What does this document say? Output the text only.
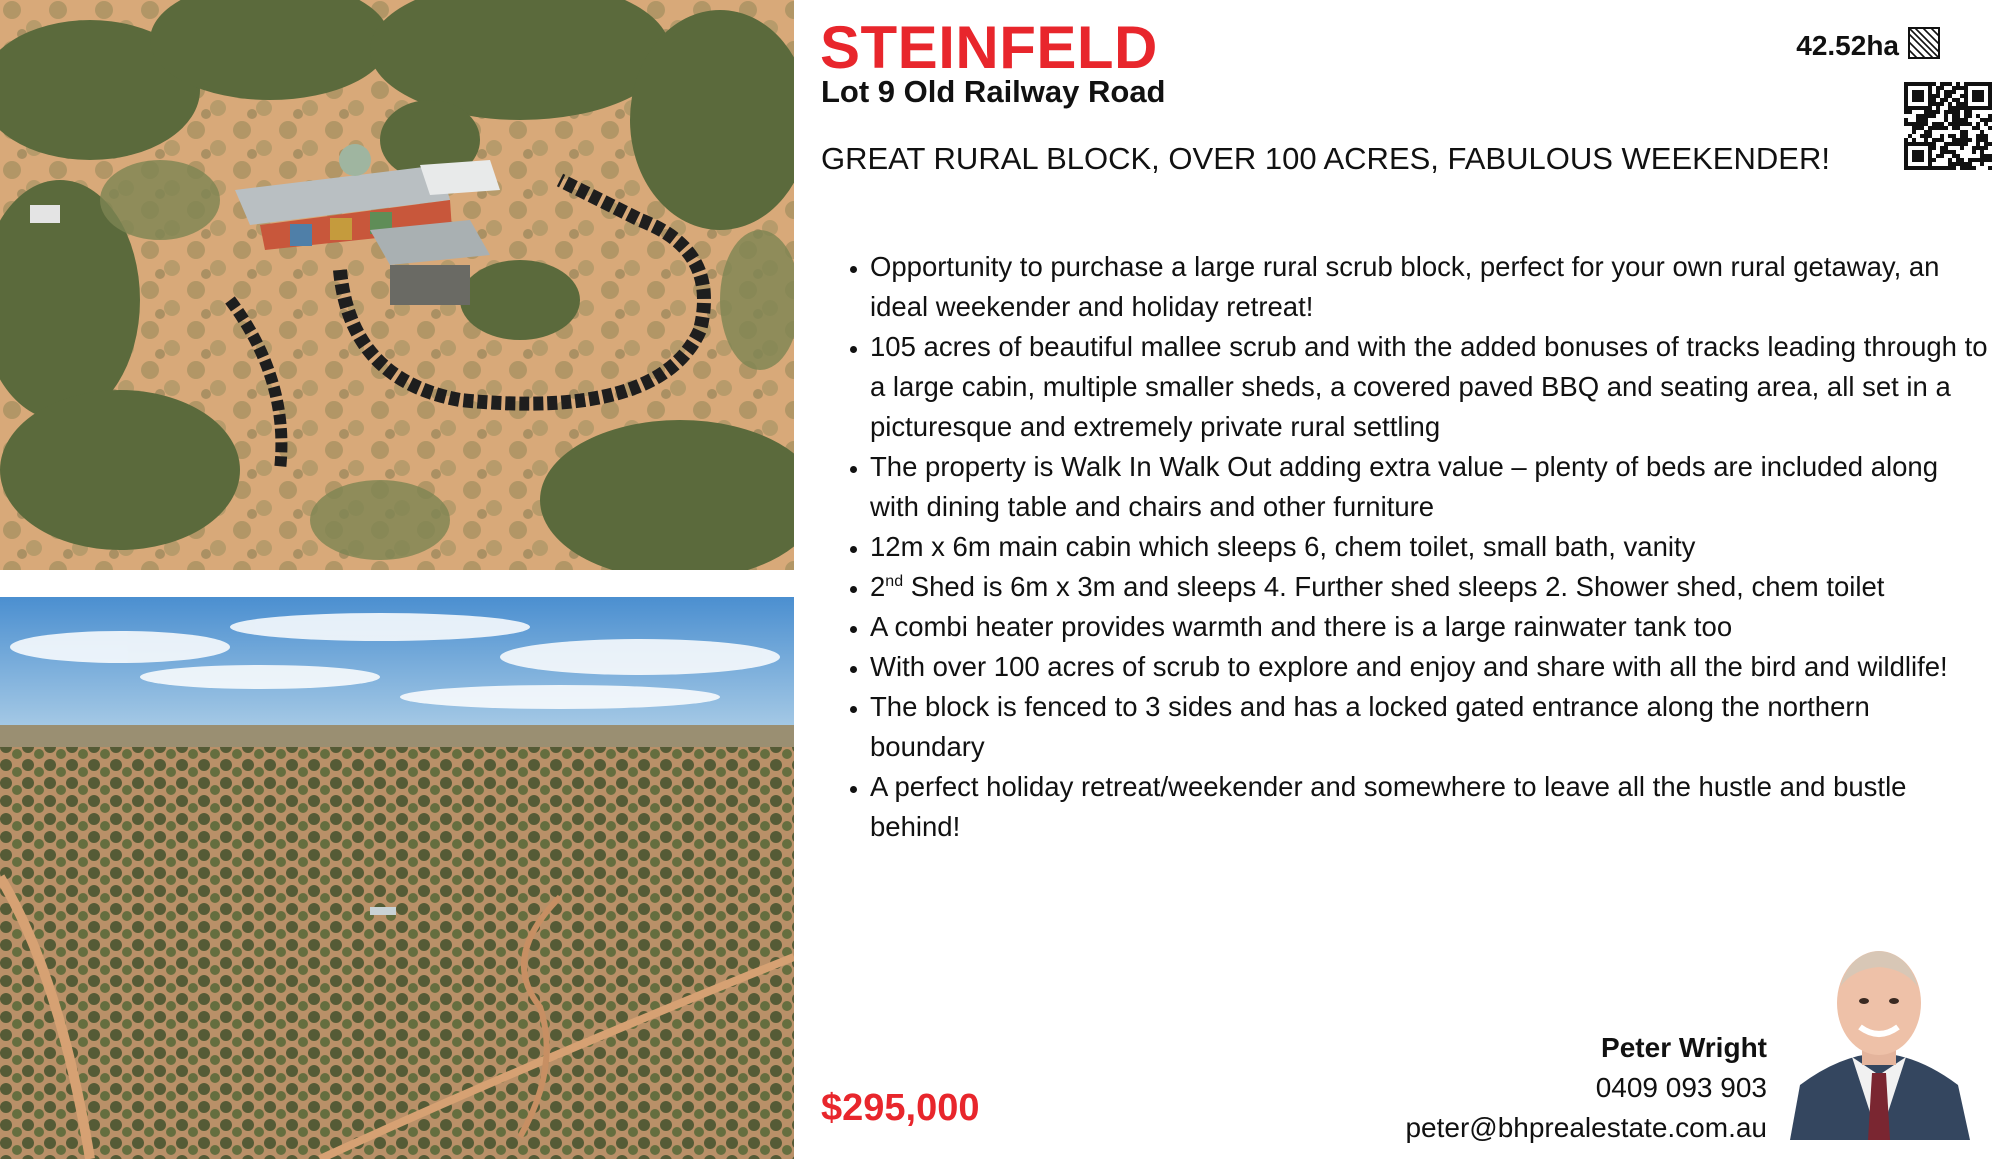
STEINFELD
Lot 9 Old Railway Road
GREAT RURAL BLOCK, OVER 100 ACRES, FABULOUS WEEKENDER!
42.52ha
• Opportunity to purchase a large rural scrub block, perfect for your own rural getaway, an ideal weekender and holiday retreat!
• 105 acres of beautiful mallee scrub and with the added bonuses of tracks leading through to a large cabin, multiple smaller sheds, a covered paved BBQ and seating area, all set in a picturesque and extremely private rural settling
• The property is Walk In Walk Out adding extra value – plenty of beds are included along with dining table and chairs and other furniture
• 12m x 6m main cabin which sleeps 6, chem toilet, small bath, vanity
• 2nd Shed is 6m x 3m and sleeps 4. Further shed sleeps 2. Shower shed, chem toilet
• A combi heater provides warmth and there is a large rainwater tank too
• With over 100 acres of scrub to explore and enjoy and share with all the bird and wildlife!
• The block is fenced to 3 sides and has a locked gated entrance along the northern boundary
• A perfect holiday retreat/weekender and somewhere to leave all the hustle and bustle behind!
$295,000
Peter Wright
0409 093 903
peter@bhprealestate.com.au
